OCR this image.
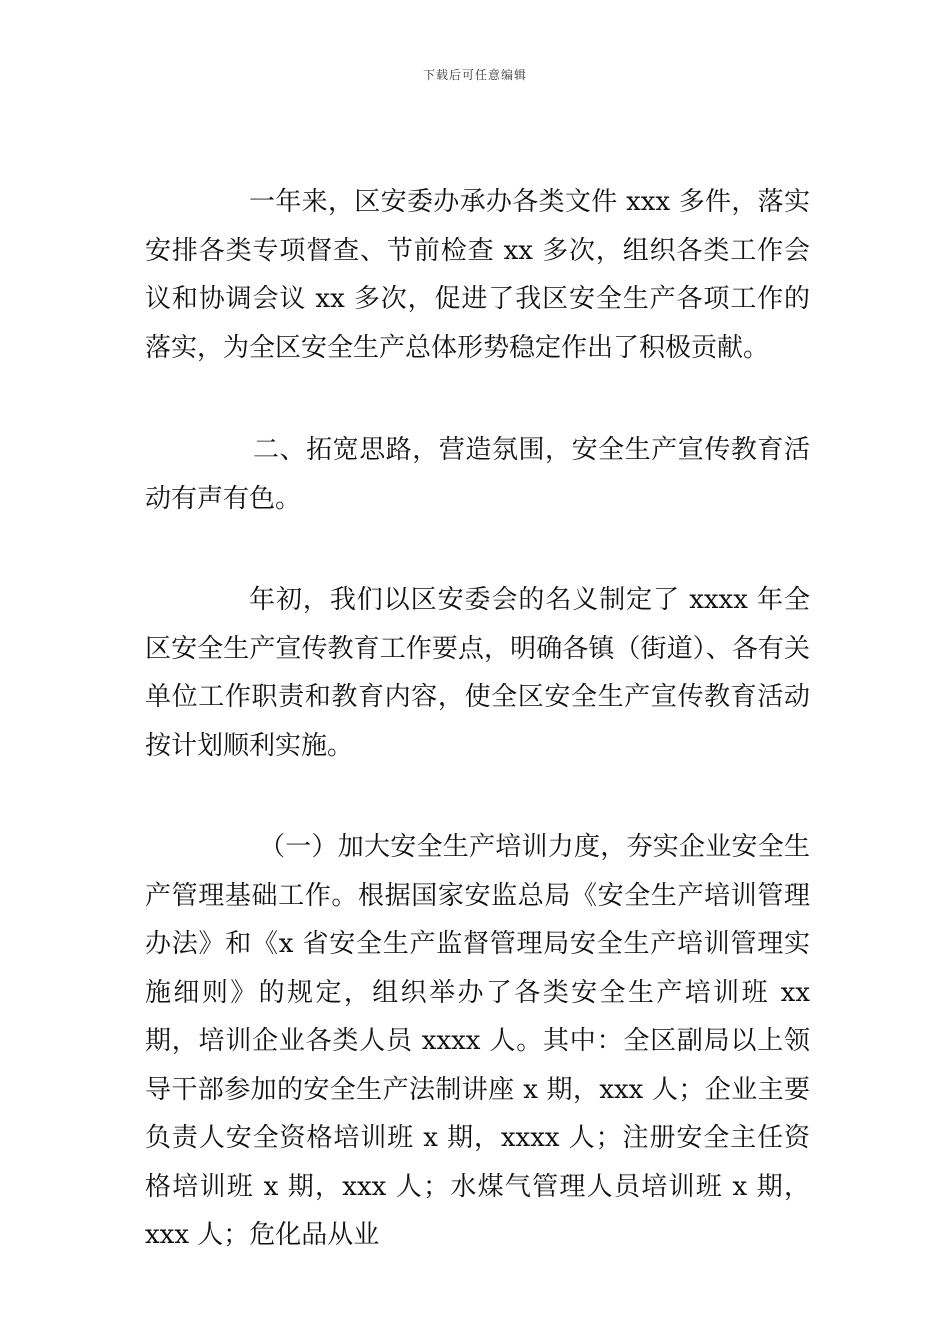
下载后可任意编辑

一年来，区安委办承办各类文件 xxx 多件，落实安排各类专项督查、节前检查 xx 多次，组织各类工作会议和协调会议 xx 多次，促进了我区安全生产各项工作的落实，为全区安全生产总体形势稳定作出了积极贡献。

二、拓宽思路，营造氛围，安全生产宣传教育活动有声有色。

年初，我们以区安委会的名义制定了 xxxx 年全区安全生产宣传教育工作要点，明确各镇（街道）、各有关单位工作职责和教育内容，使全区安全生产宣传教育活动按计划顺利实施。

（一）加大安全生产培训力度，夯实企业安全生产管理基础工作。根据国家安监总局《安全生产培训管理办法》和《x 省安全生产监督管理局安全生产培训管理实施细则》的规定，组织举办了各类安全生产培训班 xx 期，培训企业各类人员 xxxx 人。其中：全区副局以上领导干部参加的安全生产法制讲座 x 期，xxx 人；企业主要负责人安全资格培训班 x 期，xxxx 人；注册安全主任资格培训班 x 期，xxx 人；水煤气管理人员培训班 x 期，xxx 人；危化品从业
